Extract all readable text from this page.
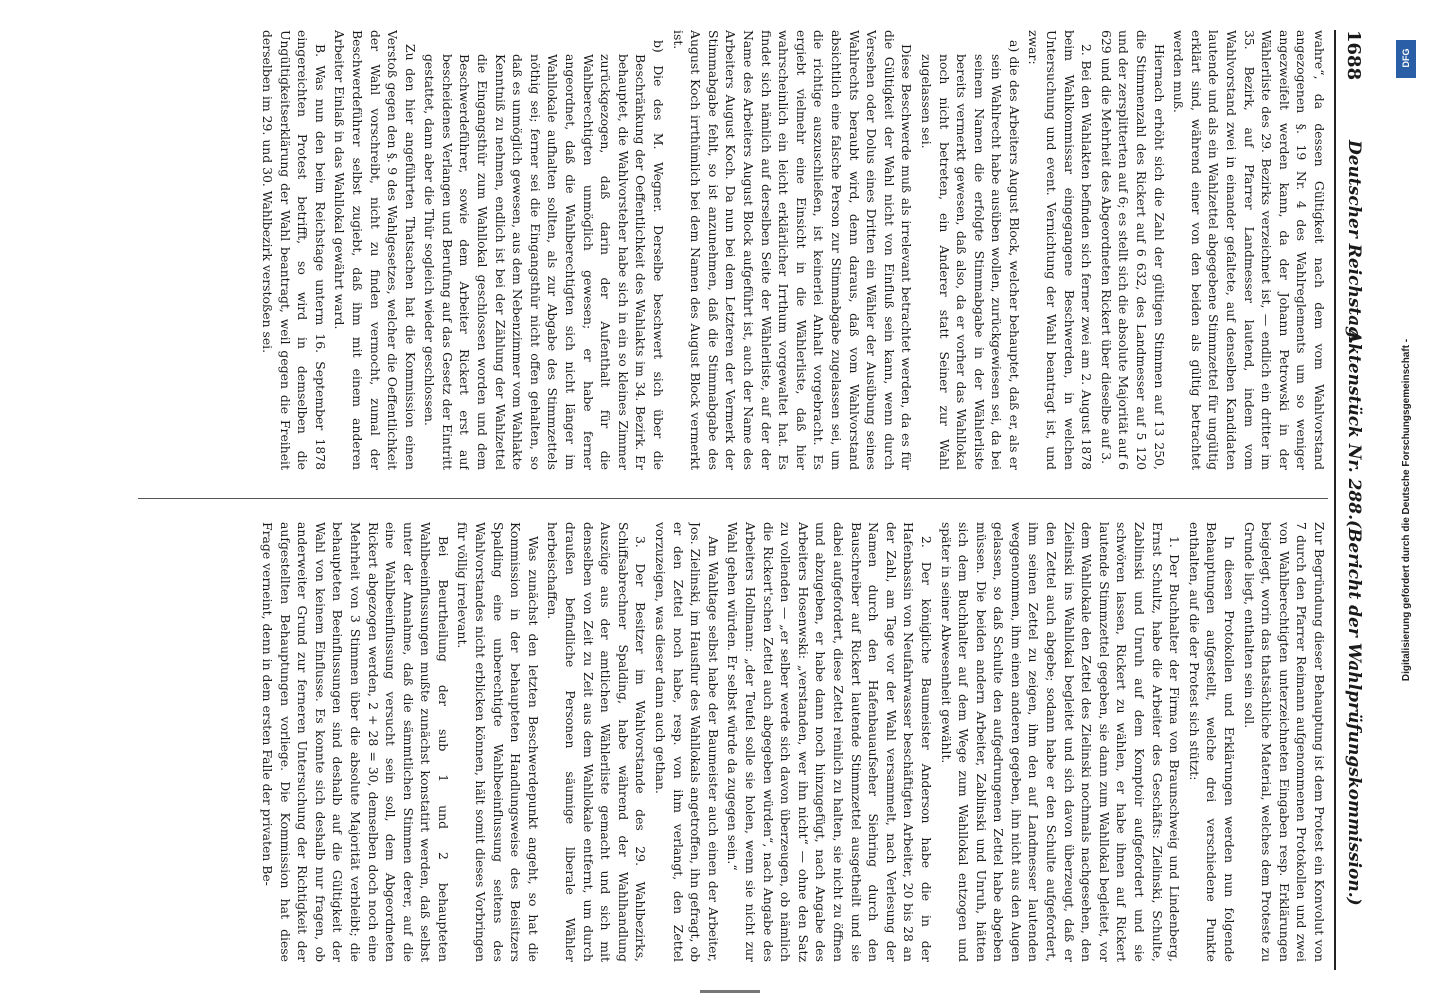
1688
Deutscher Reichstag.
Aktenstück Nr. 288.
(Bericht der Wahlprüfungskommission.)

wahre“, da dessen Gültigkeit nach dem vom Wahlvorstand angezogenen §. 19 Nr. 4 des Wahlreglements um so weniger angezweifelt werden kann, da der Johann Petrowski in der Wählerliste des 29. Bezirks verzeichnet ist, — endlich ein dritter im 35. Bezirk, auf Pfarrer Landmesser lautend, indem vom Wahlvorstand zwei in einander gefaltete, auf denselben Kandidaten lautende und als ein Wahlzettel abgegebene Stimmzettel für ungültig erklärt sind, während einer von den beiden als gültig betrachtet werden muß.

Hiernach erhöht sich die Zahl der gültigen Stimmen auf 13 250, die Stimmenzahl des Rickert auf 6 632, des Landmesser auf 5 120 und der zersplitterten auf 6; es stellt sich die absolute Majorität auf 6 629 und die Mehrheit des Abgeordneten Rickert über dieselbe auf 3.

2. Bei den Wahlakten befinden sich ferner zwei am 2. August 1878 beim Wahlkommissar eingegangene Beschwerden, in welchen Untersuchung und event. Vernichtung der Wahl beantragt ist, und zwar:

a) die des Arbeiters August Block, welcher behauptet, daß er, als er sein Wahlrecht habe ausüben wollen, zurückgewiesen sei, da bei seinem Namen die erfolgte Stimmabgabe in der Wählerliste bereits vermerkt gewesen, daß also, da er vorher das Wahllokal noch nicht betreten, ein Anderer statt Seiner zur Wahl zugelassen sei.

Diese Beschwerde muß als irrelevant betrachtet werden, da es für die Gültigkeit der Wahl nicht von Einfluß sein kann, wenn durch Versehen oder Dolus eines Dritten ein Wähler der Ausübung seines Wahlrechts beraubt wird, denn daraus, daß vom Wahlvorstand absichtlich eine falsche Person zur Stimmabgabe zugelassen sei, um die richtige auszuschließen, ist keinerlei Anhalt vorgebracht. Es ergiebt vielmehr eine Einsicht in die Wählerliste, daß hier wahrscheinlich ein leicht erklärlicher Irrthum vorgewaltet hat. Es findet sich nämlich auf derselben Seite der Wählerliste, auf der der Name des Arbeiters August Block aufgeführt ist, auch der Name des Arbeiters August Koch. Da nun bei dem Letzteren der Vermerk der Stimmabgabe fehlt, so ist anzunehmen, daß die Stimmabgabe des August Koch irrthümlich bei dem Namen des August Block vermerkt ist.

b) Die des M. Wegner. Derselbe beschwert sich über die Beschränkung der Oeffentlichkeit des Wahlakts im 34. Bezirk. Er behauptet, die Wahlvorsteher habe sich in ein so kleines Zimmer zurückgezogen, daß darin der Aufenthalt für die Wahlberechtigten unmöglich gewesen; er habe ferner angeordnet, daß die Wahlberechtigten sich nicht länger im Wahllokale aufhalten sollten, als zur Abgabe des Stimmzettels nöthig sei; ferner sei die Eingangsthür nicht offen gehalten, so daß es unmöglich gewesen, aus dem Nebenzimmer vom Wahlakte Kenntniß zu nehmen, endlich ist bei der Zählung der Wahlzettel die Eingangsthür zum Wahllokal geschlossen worden und dem Beschwerdeführer, sowie dem Arbeiter Rickert erst auf bescheidenes Verlangen und Berufung auf das Gesetz der Eintritt gestattet, dann aber die Thür sogleich wieder geschlossen.

Zu den hier angeführten Thatsachen hat die Kommission einen Verstoß gegen den §. 9 des Wahlgesetzes, welcher die Oeffentlichkeit der Wahl vorschreibt, nicht zu finden vermocht, zumal der Beschwerdeführer selbst zugiebt, daß ihm mit einem anderen Arbeiter Einlaß in das Wahllokal gewährt ward.

B. Was nun den beim Reichstage unterm 16. September 1878 eingereichten Protest betrifft, so wird in demselben die Ungültigkeitserklärung der Wahl beantragt, weil gegen die Freiheit derselben im 29. und 30. Wahlbezirk verstoßen sei.

Zur Begründung dieser Behauptung ist dem Protest ein Konvolut von 7 durch den Pfarrer Reimann aufgenommenen Protokollen und zwei von Wahlberechtigten unterzeichneten Eingaben resp. Erklärungen beigelegt, worin das thatsächliche Material, welches dem Proteste zu Grunde liegt, enthalten sein soll.

In diesen Protokollen und Erklärungen werden nun folgende Behauptungen aufgestellt, welche drei verschiedene Punkte enthalten, auf die der Protest sich stützt:

1. Der Buchhalter der Firma von Braunschweig und Lindenberg, Ernst Schultz, habe die Arbeiter des Geschäfts: Zielinski, Schulte, Zablinski und Unruh auf dem Komptoir aufgefordert und sie schwören lassen, Rickert zu wählen, er habe ihnen auf Rickert lautende Stimmzettel gegeben, sie dann zum Wahllokal begleitet, vor dem Wahllokale den Zettel des Zielinski nochmals nachgesehen, den Zielinski ins Wahllokal begleitet und sich davon überzeugt, daß er den Zettel auch abgebe; sodann habe er den Schulte aufgefordert, ihm seinen Zettel zu zeigen, ihm den auf Landmesser lautenden weggenommen, ihm einen anderen gegeben, ihn nicht aus den Augen gelassen, so daß Schulte den aufgedrungenen Zettel habe abgeben müssen. Die beiden andern Arbeiter, Zablinski und Unruh, hätten sich dem Buchhalter auf dem Wege zum Wahllokal entzogen und später in seiner Abwesenheit gewählt.

2. Der königliche Baumeister Anderson habe die in der Hafenbassin von Neufahrwasser beschäftigten Arbeiter, 20 bis 28 an der Zahl, am Tage vor der Wahl versammelt, nach Verlesung der Namen durch den Hafenbauaufseher Siehring durch den Bauschreiber auf Rickert lautende Stimmzettel ausgetheilt und sie dabei aufgefordert, diese Zettel reinlich zu halten, sie nicht zu öffnen und abzugeben, er habe dann noch hinzugefügt, nach Angabe des Arbeiters Hosenwski: „verstanden, wer ihn nicht“ — ohne den Satz zu vollenden — „er selber werde sich davon überzeugen, ob nämlich die Rickert'schen Zettel auch abgegeben würden“, nach Angabe des Arbeiters Hollmann: „der Teufel solle sie holen, wenn sie nicht zur Wahl gehen würden. Er selbst würde da zugegen sein.“

Am Wahltage selbst habe der Baumeister auch einen der Arbeiter, Jos. Zielinski, im Hausflur des Wahllokals angetroffen, ihn gefragt, ob er den Zettel noch habe, resp. von ihm verlangt, den Zettel vorzuzeigen, was dieser dann auch gethan.

3. Der Besitzer im Wahlvorstande des 29. Wahlbezirks, Schiffsabrechner Spalding, habe während der Wahlhandlung Auszüge aus der amtlichen Wählerliste gemacht und sich mit denselben von Zeit zu Zeit aus dem Wahllokale entfernt, um durch draußen befindliche Personen säumige liberale Wähler herbeischaffen.

Was zunächst den letzten Beschwerdepunkt angeht, so hat die Kommission in der behaupteten Handlungsweise des Beisitzers Spalding eine unberechtigte Wahlbeeinflussung seitens des Wahlvorstandes nicht erblicken können, hält somit dieses Vorbringen für völlig irrelevant.

Bei Beurtheilung der sub 1 und 2 behaupteten Wahlbeeinflussungen mußte zunächst konstatirt werden, daß selbst unter der Annahme, daß die sämmtlichen Stimmen derer, auf die eine Wahlbeeinflussung versucht sein soll, dem Abgeordneten Rickert abgezogen werden, 2 + 28 = 30, demselben doch noch eine Mehrheit von 3 Stimmen über die absolute Majorität verbleibt; die behaupteten Beeinflussungen sind deshalb auf die Gültigkeit der Wahl von keinem Einflusse. Es konnte sich deshalb nur fragen, ob anderweiter Grund zur ferneren Untersuchung der Richtigkeit der aufgestellten Behauptungen vorliege. Die Kommission hat diese Frage verneint, denn in dem ersten Falle der privaten Be-

DFG
Digitalisierung gefördert durch die Deutsche Forschungsgemeinschaft -
